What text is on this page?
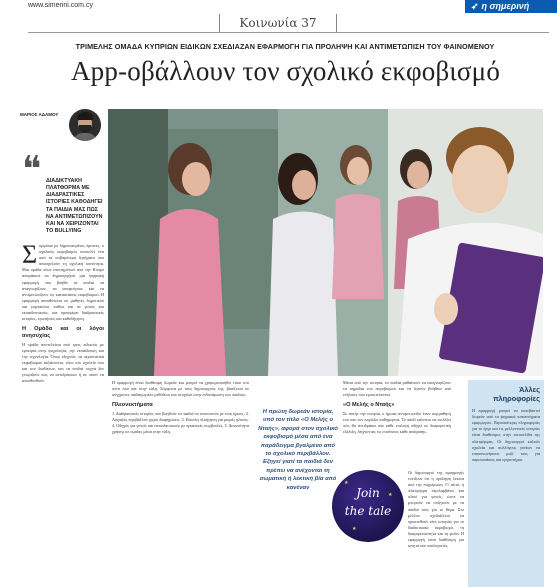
www.simerini.com.cy	➶ η σημερινή
Κοινωνία 37
ΤΡΙΜΕΛΗΣ ΟΜΑΔΑ ΚΥΠΡΙΩΝ ΕΙΔΙΚΩΝ ΣΧΕΔΙΑΖΑΝ ΕΦΑΡΜΟΓΗ ΓΙΑ ΠΡΟΛΗΨΗ ΚΑΙ ΑΝΤΙΜΕΤΩΠΙΣΗ ΤΟΥ ΦΑΙΝΟΜΕΝΟΥ
App-οβάλλουν τον σχολικό εκφοβισμό
ΜΑΡΙΟΣ ΑΔΑΜΟΥ
❝ ΔΙΑΔΙΚΤΥΑΚΗ ΠΛΑΤΦΟΡΜΑ ΜΕ ΔΙΑΔΡΑΣΤΙΚΕΣ ΙΣΤΟΡΙΕΣ ΚΑΘΟΔΗΓΕΙ ΤΑ ΠΑΙΔΙΑ ΜΑΣ ΠΩΣ ΝΑ ΑΝΤΙΜΕΤΩΠΙΖΟΥΝ ΚΑΙ ΝΑ ΧΕΙΡΙΖΟΝΤΑΙ ΤΟ BULLYING

Συμφώνα με δημοσιευμένες έρευνες, ο σχολικός εκφοβισμός αποτελεί ένα από τα σοβαρότερα ζητήματα που απασχολούν τη σχολική κοινότητα. Μια ομάδα νέων επιστημόνων από την Κύπρο αποφάσισε να δημιουργήσει μια ψηφιακή εφαρμογή που βοηθά τα παιδιά να αναγνωρίζουν, να αποφεύγουν και να αντιμετωπίζουν τις καταστάσεις εκφοβισμού. Η εφαρμογή απευθύνεται σε μαθητές δημοτικού και γυμνασίου, καθώς και σε γονείς και εκπαιδευτικούς, και προσφέρει διαδραστικές ιστορίες, ερωτήσεις και καθοδήγηση.

Η Ομάδα και οι λόγοι ανησυχίας

Η ομάδα αποτελείται από τρεις ειδικούς με εμπειρία στην ψυχολογία, την εκπαίδευση και την τεχνολογία. Όπως εξηγούν, τα περιστατικά εκφοβισμού αυξάνονται, τόσο στο σχολείο όσο και στο διαδίκτυο, και τα παιδιά συχνά δεν γνωρίζουν πώς να αντιδράσουν ή σε ποιον να απευθυνθούν.	Η εφαρμογή είναι διαθέσιμη δωρεάν και μπορεί να χρησιμοποιηθεί τόσο στο σπίτι όσο και στην τάξη. Σύμφωνα με τους δημιουργούς της, βασίζεται σε σύγχρονες παιδαγωγικές μεθόδους και στοχεύει στην ενδυνάμωση των παιδιών.

Πλεονεκτήματα

1. Διαδραστικές ιστορίες που βοηθούν τα παιδιά να ταυτιστούν με τους ήρωες. 2. Ασφαλές περιβάλλον χωρίς διαφημίσεις. 3. Εύκολη πλοήγηση για μικρές ηλικίες. 4. Οδηγός για γονείς και εκπαιδευτικούς με πρακτικές συμβουλές. 5. Δυνατότητα χρήσης σε ομάδες μέσα στην τάξη.

Η πρώτη δωρεάν ιστορία, υπό τον τίτλο «Ο Μελής ο Νταής», αφορά στον σχολικό εκφοβισμό μέσα από ένα παράδειγμα βγαλμένο από το σχολικό περιβάλλον. Εξηγεί γιατί τα παιδιά δεν πρέπει να ανέχονται τη σωματική ή λεκτική βία από κανέναν

Μέσα από την ιστορία, τα παιδιά μαθαίνουν να αναγνωρίζουν τα σημάδια του εκφοβισμού και να ζητούν βοήθεια από ενήλικες που εμπιστεύονται.

«Ο Μελής ο Νταής»

Σε αυτήν την ιστορία, ο ήρωας αντιμετωπίζει έναν συμμαθητή του που τον πειράζει καθημερινά. Το παιδί καλείται να επιλέξει πώς θα αντιδράσει και κάθε επιλογή οδηγεί σε διαφορετική εξέλιξη, δείχνοντας τις συνέπειες κάθε απόφασης.

Οι δημιουργοί της εφαρμογής τονίζουν ότι η πρόληψη ξεκινά από την ενημέρωση. Γι' αυτό, η πλατφόρμα περιλαμβάνει και υλικό για γονείς, ώστε να μπορούν να συζητούν με τα παιδιά τους για το θέμα. Στο μέλλον σχεδιάζεται να προστεθούν νέες ιστορίες για το διαδικτυακό εκφοβισμό, τη διαφορετικότητα και τη φιλία. Η εφαρμογή είναι διαθέσιμη για κινητά και υπολογιστές.

★
★
★
Join
the tale
Άλλες πληροφορίες

Η εφαρμογή μπορεί να κατεβαστεί δωρεάν από τα ψηφιακά καταστήματα εφαρμογών. Περισσότερες πληροφορίες για το έργο και τις μελλοντικές ιστορίες είναι διαθέσιμες στην ιστοσελίδα της πλατφόρμας. Οι δημιουργοί καλούν σχολεία και συλλόγους γονέων να επικοινωνήσουν μαζί τους για παρουσιάσεις και εργαστήρια.
